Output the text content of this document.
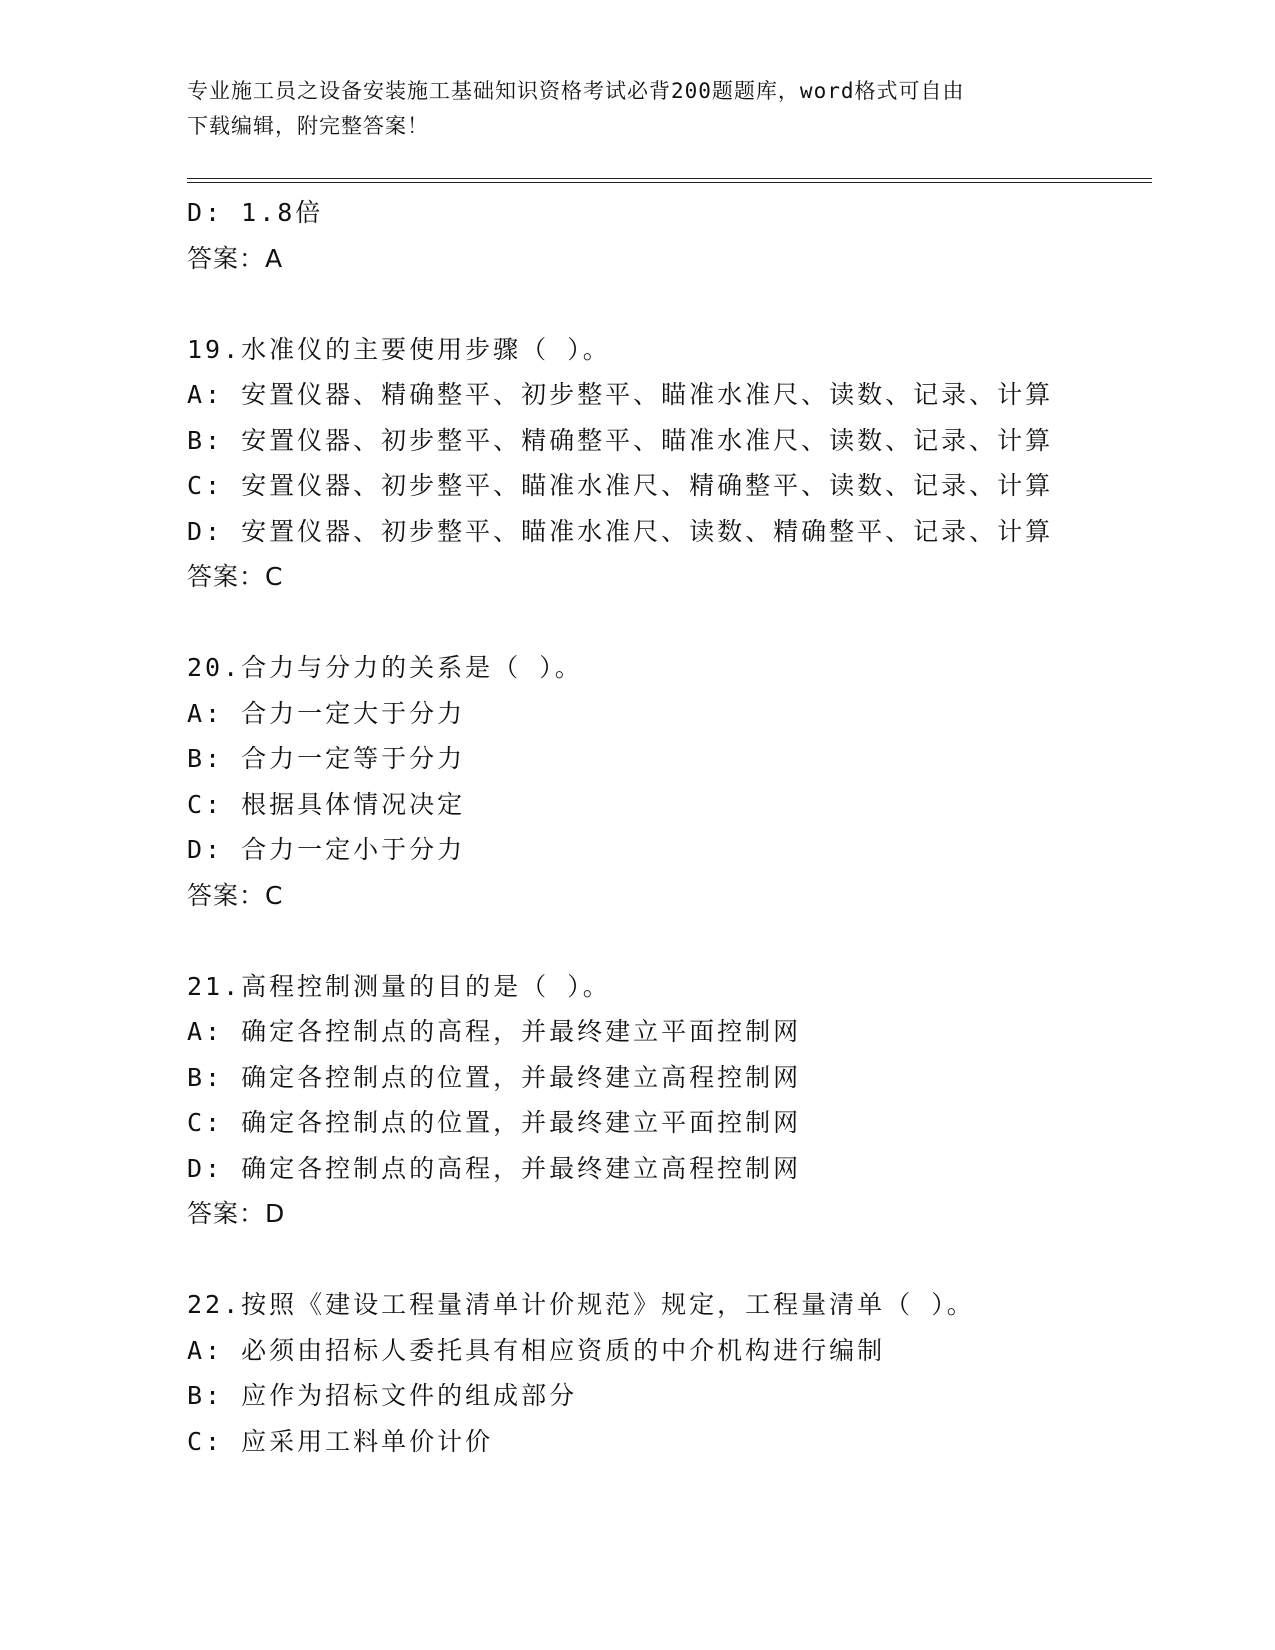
专业施工员之设备安装施工基础知识资格考试必背200题题库，word格式可自由
下载编辑，附完整答案！
D: 1.8倍
答案：A
19.水准仪的主要使用步骤（ ）。
A: 安置仪器、精确整平、初步整平、瞄准水准尺、读数、记录、计算
B: 安置仪器、初步整平、精确整平、瞄准水准尺、读数、记录、计算
C: 安置仪器、初步整平、瞄准水准尺、精确整平、读数、记录、计算
D: 安置仪器、初步整平、瞄准水准尺、读数、精确整平、记录、计算
答案：C
20.合力与分力的关系是（ ）。
A: 合力一定大于分力
B: 合力一定等于分力
C: 根据具体情况决定
D: 合力一定小于分力
答案：C
21.高程控制测量的目的是（ ）。
A: 确定各控制点的高程，并最终建立平面控制网
B: 确定各控制点的位置，并最终建立高程控制网
C: 确定各控制点的位置，并最终建立平面控制网
D: 确定各控制点的高程，并最终建立高程控制网
答案：D
22.按照《建设工程量清单计价规范》规定，工程量清单（ ）。
A: 必须由招标人委托具有相应资质的中介机构进行编制
B: 应作为招标文件的组成部分
C: 应采用工料单价计价
